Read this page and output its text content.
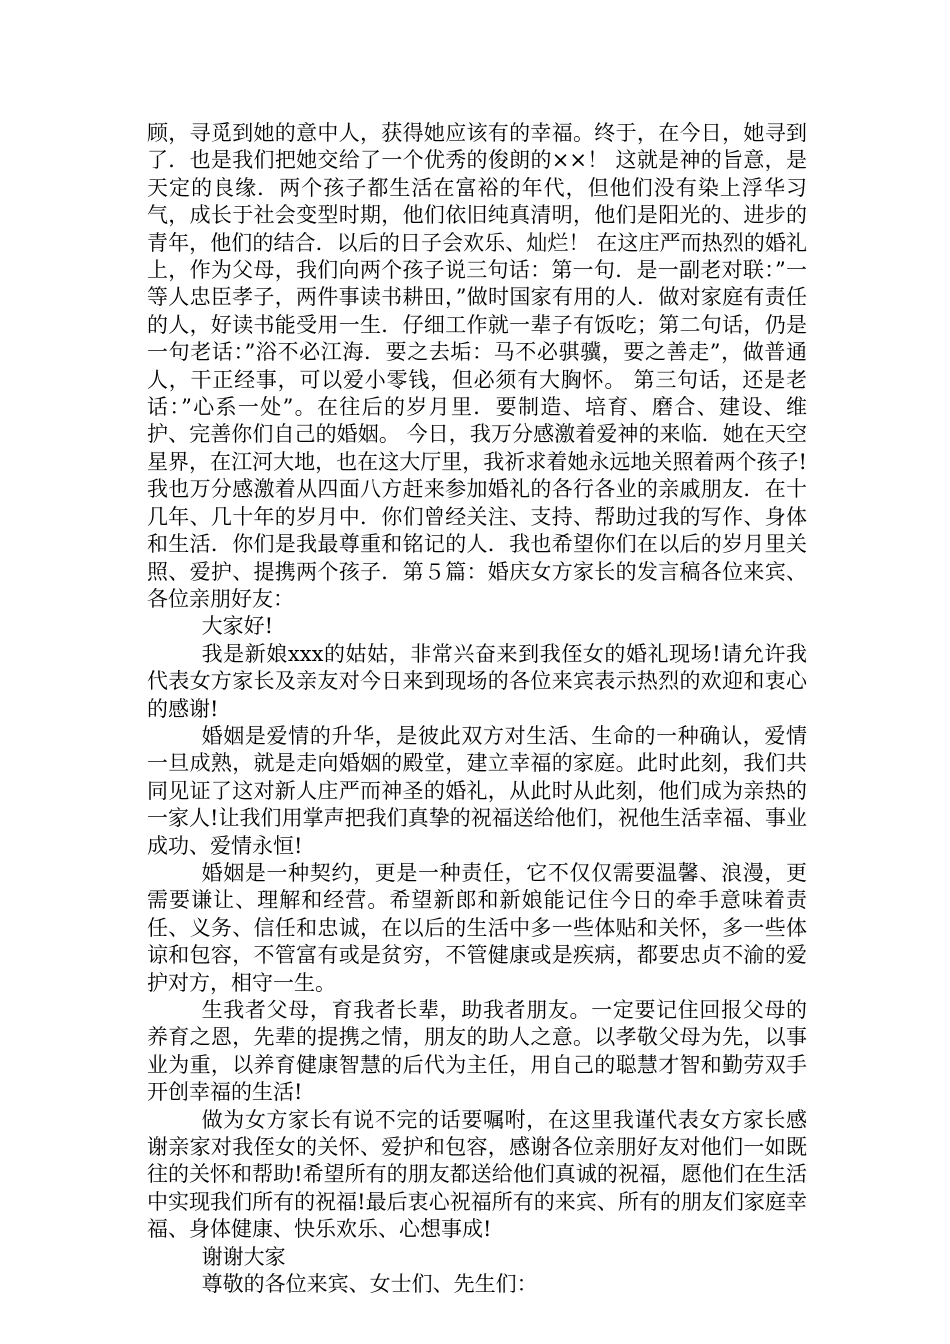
顾，寻觅到她的意中人，获得她应该有的幸福。终于，在今日，她寻到了．也是我们把她交给了一个优秀的俊朗的××！ 这就是神的旨意，是天定的良缘．两个孩子都生活在富裕的年代，但他们没有染上浮华习气，成长于社会变型时期，他们依旧纯真清明，他们是阳光的、进步的青年，他们的结合．以后的日子会欢乐、灿烂！ 在这庄严而热烈的婚礼上，作为父母，我们向两个孩子说三句话：第一句．是一副老对联：”一等人忠臣孝子，两件事读书耕田，”做时国家有用的人．做对家庭有责任的人，好读书能受用一生．仔细工作就一辈子有饭吃；第二句话，仍是一句老话：”浴不必江海．要之去垢：马不必骐骥，要之善走”，做普通人，干正经事，可以爱小零钱，但必须有大胸怀。 第三句话，还是老话：”心系一处”。在往后的岁月里．要制造、培育、磨合、建设、维护、完善你们自己的婚姻。 今日，我万分感激着爱神的来临．她在天空星界，在江河大地，也在这大厅里，我祈求着她永远地关照着两个孩子!我也万分感激着从四面八方赶来参加婚礼的各行各业的亲戚朋友．在十几年、几十年的岁月中．你们曾经关注、支持、帮助过我的写作、身体和生活．你们是我最尊重和铭记的人．我也希望你们在以后的岁月里关照、爱护、提携两个孩子．第５篇：婚庆女方家长的发言稿各位来宾、各位亲朋好友：

大家好!

我是新娘xxx的姑姑，非常兴奋来到我侄女的婚礼现场!请允许我代表女方家长及亲友对今日来到现场的各位来宾表示热烈的欢迎和衷心的感谢!

婚姻是爱情的升华，是彼此双方对生活、生命的一种确认，爱情一旦成熟，就是走向婚姻的殿堂，建立幸福的家庭。此时此刻，我们共同见证了这对新人庄严而神圣的婚礼，从此时从此刻，他们成为亲热的一家人!让我们用掌声把我们真挚的祝福送给他们，祝他生活幸福、事业成功、爱情永恒!

婚姻是一种契约，更是一种责任，它不仅仅需要温馨、浪漫，更需要谦让、理解和经营。希望新郎和新娘能记住今日的牵手意味着责任、义务、信任和忠诚，在以后的生活中多一些体贴和关怀，多一些体谅和包容，不管富有或是贫穷，不管健康或是疾病，都要忠贞不渝的爱护对方，相守一生。

生我者父母，育我者长辈，助我者朋友。一定要记住回报父母的养育之恩，先辈的提携之情，朋友的助人之意。以孝敬父母为先，以事业为重，以养育健康智慧的后代为主任，用自己的聪慧才智和勤劳双手开创幸福的生活!

做为女方家长有说不完的话要嘱咐，在这里我谨代表女方家长感谢亲家对我侄女的关怀、爱护和包容，感谢各位亲朋好友对他们一如既往的关怀和帮助!希望所有的朋友都送给他们真诚的祝福，愿他们在生活中实现我们所有的祝福!最后衷心祝福所有的来宾、所有的朋友们家庭幸福、身体健康、快乐欢乐、心想事成!

谢谢大家

尊敬的各位来宾、女士们、先生们：
